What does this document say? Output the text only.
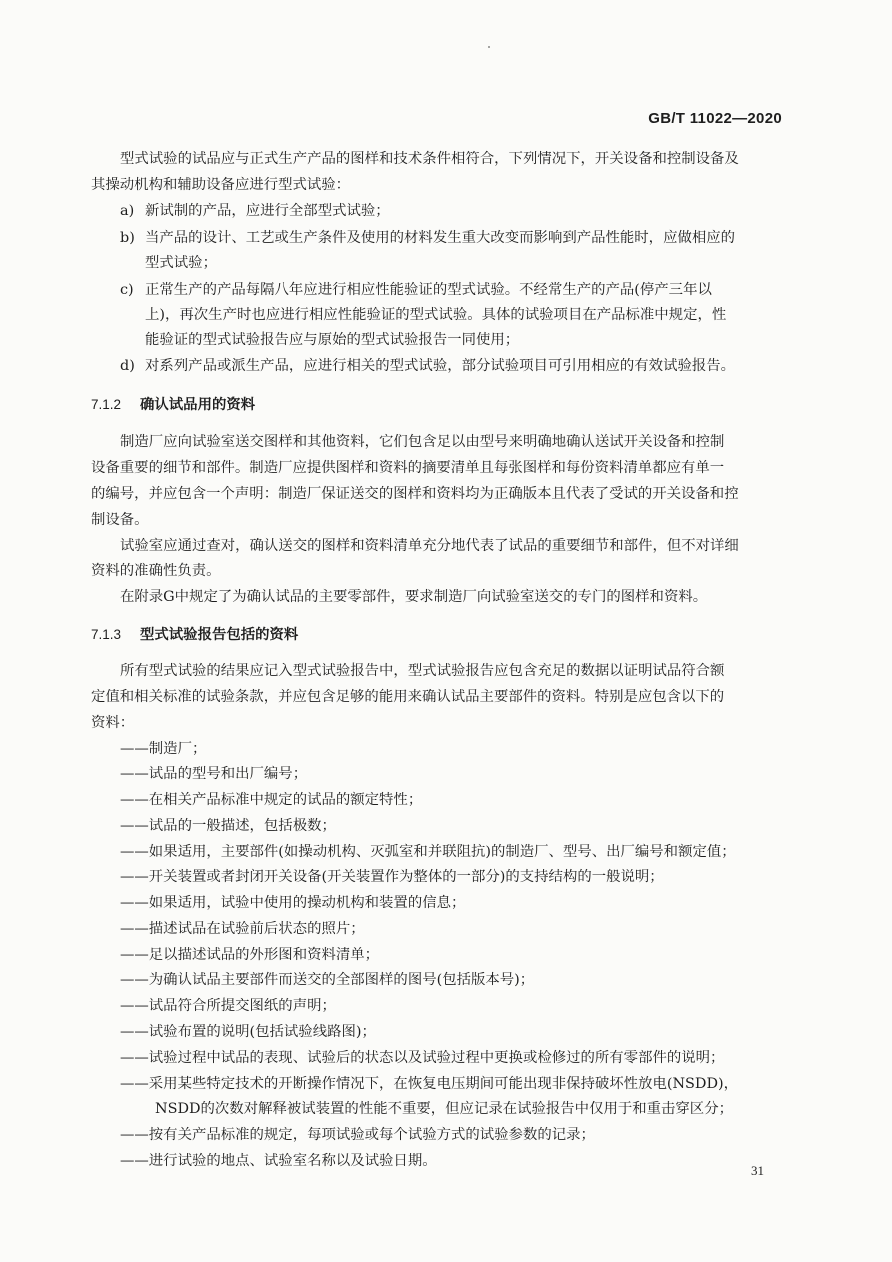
GB/T 11022—2020
型式试验的试品应与正式生产产品的图样和技术条件相符合，下列情况下，开关设备和控制设备及
其操动机构和辅助设备应进行型式试验：
a) 新试制的产品，应进行全部型式试验；
b) 当产品的设计、工艺或生产条件及使用的材料发生重大改变而影响到产品性能时，应做相应的
型式试验；
c) 正常生产的产品每隔八年应进行相应性能验证的型式试验。不经常生产的产品(停产三年以
上)，再次生产时也应进行相应性能验证的型式试验。具体的试验项目在产品标准中规定，性
能验证的型式试验报告应与原始的型式试验报告一同使用；
d) 对系列产品或派生产品，应进行相关的型式试验，部分试验项目可引用相应的有效试验报告。
7.1.2 确认试品用的资料
制造厂应向试验室送交图样和其他资料，它们包含足以由型号来明确地确认送试开关设备和控制
设备重要的细节和部件。制造厂应提供图样和资料的摘要清单且每张图样和每份资料清单都应有单一
的编号，并应包含一个声明：制造厂保证送交的图样和资料均为正确版本且代表了受试的开关设备和控
制设备。
试验室应通过查对，确认送交的图样和资料清单充分地代表了试品的重要细节和部件，但不对详细
资料的准确性负责。
在附录G中规定了为确认试品的主要零部件，要求制造厂向试验室送交的专门的图样和资料。
7.1.3 型式试验报告包括的资料
所有型式试验的结果应记入型式试验报告中，型式试验报告应包含充足的数据以证明试品符合额
定值和相关标准的试验条款，并应包含足够的能用来确认试品主要部件的资料。特别是应包含以下的
资料：
——制造厂；
——试品的型号和出厂编号；
——在相关产品标准中规定的试品的额定特性；
——试品的一般描述，包括极数；
——如果适用，主要部件(如操动机构、灭弧室和并联阻抗)的制造厂、型号、出厂编号和额定值；
——开关装置或者封闭开关设备(开关装置作为整体的一部分)的支持结构的一般说明；
——如果适用，试验中使用的操动机构和装置的信息；
——描述试品在试验前后状态的照片；
——足以描述试品的外形图和资料清单；
——为确认试品主要部件而送交的全部图样的图号(包括版本号)；
——试品符合所提交图纸的声明；
——试验布置的说明(包括试验线路图)；
——试验过程中试品的表现、试验后的状态以及试验过程中更换或检修过的所有零部件的说明；
——采用某些特定技术的开断操作情况下，在恢复电压期间可能出现非保持破坏性放电(NSDD)，
NSDD的次数对解释被试装置的性能不重要，但应记录在试验报告中仅用于和重击穿区分；
——按有关产品标准的规定，每项试验或每个试验方式的试验参数的记录；
——进行试验的地点、试验室名称以及试验日期。
31
